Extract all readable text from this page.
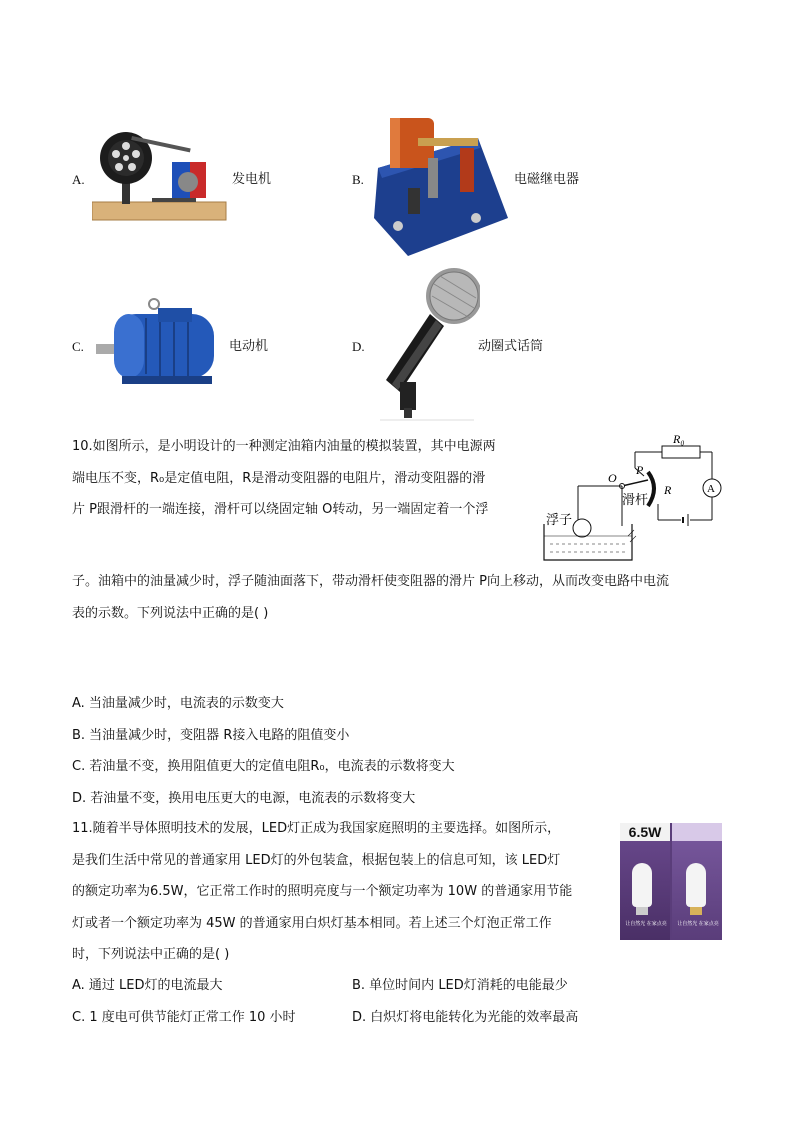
A.	发电机	B.	电磁继电器
C.	电动机	D.	动圈式话筒
10.如图所示，是小明设计的一种测定油箱内油量的模拟装置，其中电源两
端电压不变，R₀是定值电阻，R是滑动变阻器的电阻片，滑动变阻器的滑
片 P跟滑杆的一端连接，滑杆可以绕固定轴 O转动，另一端固定着一个浮
子。油箱中的油量减少时，浮子随油面落下，带动滑杆使变阻器的滑片 P向上移动，从而改变电路中电流
表的示数。下列说法中正确的是( )
R₀
A
R
P
O
滑杆
浮子
A. 当油量减少时，电流表的示数变大
B. 当油量减少时，变阻器 R接入电路的阻值变小
C. 若油量不变，换用阻值更大的定值电阻R₀，电流表的示数将变大
D. 若油量不变，换用电压更大的电源，电流表的示数将变大
11.随着半导体照明技术的发展，LED灯正成为我国家庭照明的主要选择。如图所示，
是我们生活中常见的普通家用 LED灯的外包装盒，根据包装上的信息可知，该 LED灯
的额定功率为6.5W，它正常工作时的照明亮度与一个额定功率为 10W 的普通家用节能
灯或者一个额定功率为 45W 的普通家用白炽灯基本相同。若上述三个灯泡正常工作
时，下列说法中正确的是( )
6.5W
让自然光 在家点亮 让自然光 在家点亮
A. 通过 LED灯的电流最大	B. 单位时间内 LED灯消耗的电能最少
C. 1 度电可供节能灯正常工作 10 小时	D. 白炽灯将电能转化为光能的效率最高
